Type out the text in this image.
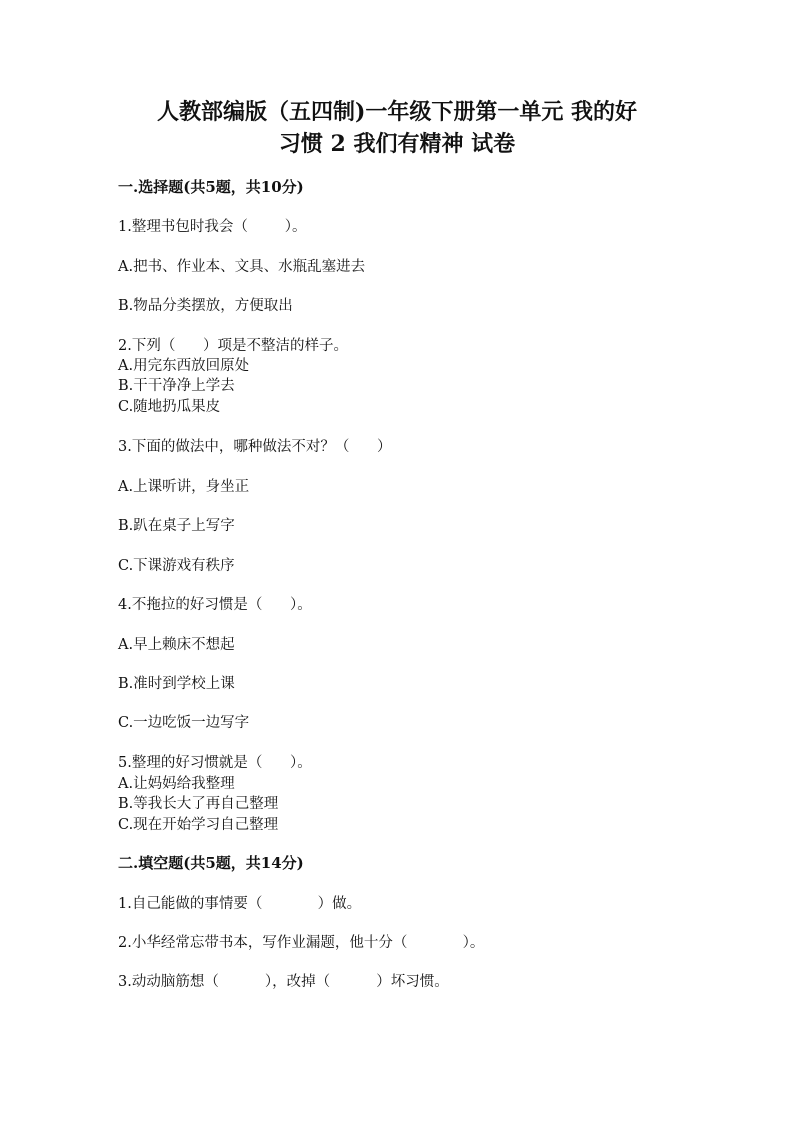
人教部编版（五四制)一年级下册第一单元 我的好
习惯 2 我们有精神 试卷
一.选择题(共5题，共10分)
1.整理书包时我会（        ）。
A.把书、作业本、文具、水瓶乱塞进去
B.物品分类摆放，方便取出
2.下列（      ）项是不整洁的样子。
A.用完东西放回原处
B.干干净净上学去
C.随地扔瓜果皮
3.下面的做法中，哪种做法不对？（      ）
A.上课听讲，身坐正
B.趴在桌子上写字
C.下课游戏有秩序
4.不拖拉的好习惯是（      ）。
A.早上赖床不想起
B.准时到学校上课
C.一边吃饭一边写字
5.整理的好习惯就是（      ）。
A.让妈妈给我整理
B.等我长大了再自己整理
C.现在开始学习自己整理
二.填空题(共5题，共14分)
1.自己能做的事情要（            ）做。
2.小华经常忘带书本，写作业漏题，他十分（            ）。
3.动动脑筋想（          ），改掉（          ）坏习惯。
